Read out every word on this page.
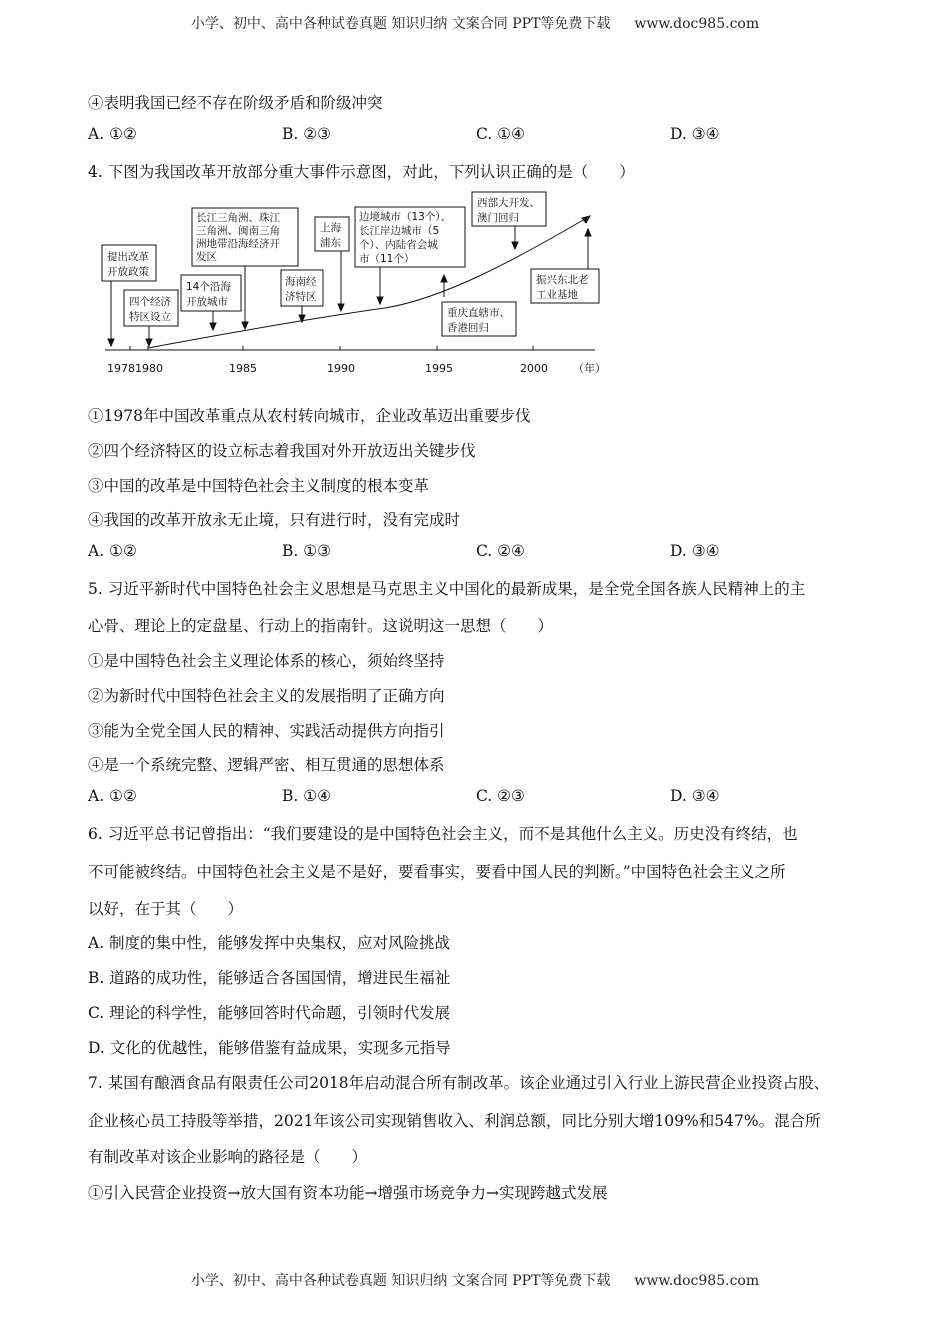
小学、初中、高中各种试卷真题 知识归纳 文案合同 PPT等免费下载 www.doc985.com
④表明我国已经不存在阶级矛盾和阶级冲突
A. ①②	B. ②③	C. ①④	D. ③④
4. 下图为我国改革开放部分重大事件示意图，对此，下列认识正确的是（　　）
1978 1980	1985	1990	1995	2000 （年）
提出改革 开放政策
四个经济 特区设立
长江三角洲、珠江 三角洲、闽南三角 洲地带沿海经济开 发区
14个沿海 开放城市
海南经 济特区
上海 浦东
边境城市（13个）、 长江岸边城市（5 个）、内陆省会城 市（11个）
重庆直辖市、 香港回归
西部大开发、 澳门回归
振兴东北老 工业基地
①1978年中国改革重点从农村转向城市，企业改革迈出重要步伐
②四个经济特区的设立标志着我国对外开放迈出关键步伐
③中国的改革是中国特色社会主义制度的根本变革
④我国的改革开放永无止境，只有进行时，没有完成时
A. ①②	B. ①③	C. ②④	D. ③④
5. 习近平新时代中国特色社会主义思想是马克思主义中国化的最新成果，是全党全国各族人民精神上的主
心骨、理论上的定盘星、行动上的指南针。这说明这一思想（　　）
①是中国特色社会主义理论体系的核心，须始终坚持
②为新时代中国特色社会主义的发展指明了正确方向
③能为全党全国人民的精神、实践活动提供方向指引
④是一个系统完整、逻辑严密、相互贯通的思想体系
A. ①②	B. ①④	C. ②③	D. ③④
6. 习近平总书记曾指出：“我们要建设的是中国特色社会主义，而不是其他什么主义。历史没有终结，也
不可能被终结。中国特色社会主义是不是好，要看事实，要看中国人民的判断。”中国特色社会主义之所
以好，在于其（　　）
A. 制度的集中性，能够发挥中央集权，应对风险挑战
B. 道路的成功性，能够适合各国国情，增进民生福祉
C. 理论的科学性，能够回答时代命题，引领时代发展
D. 文化的优越性，能够借鉴有益成果，实现多元指导
7. 某国有酿酒食品有限责任公司2018年启动混合所有制改革。该企业通过引入行业上游民营企业投资占股、
企业核心员工持股等举措，2021年该公司实现销售收入、利润总额，同比分别大增109%和547%。混合所
有制改革对该企业影响的路径是（　　）
①引入民营企业投资→放大国有资本功能→增强市场竞争力→实现跨越式发展
小学、初中、高中各种试卷真题 知识归纳 文案合同 PPT等免费下载 www.doc985.com
